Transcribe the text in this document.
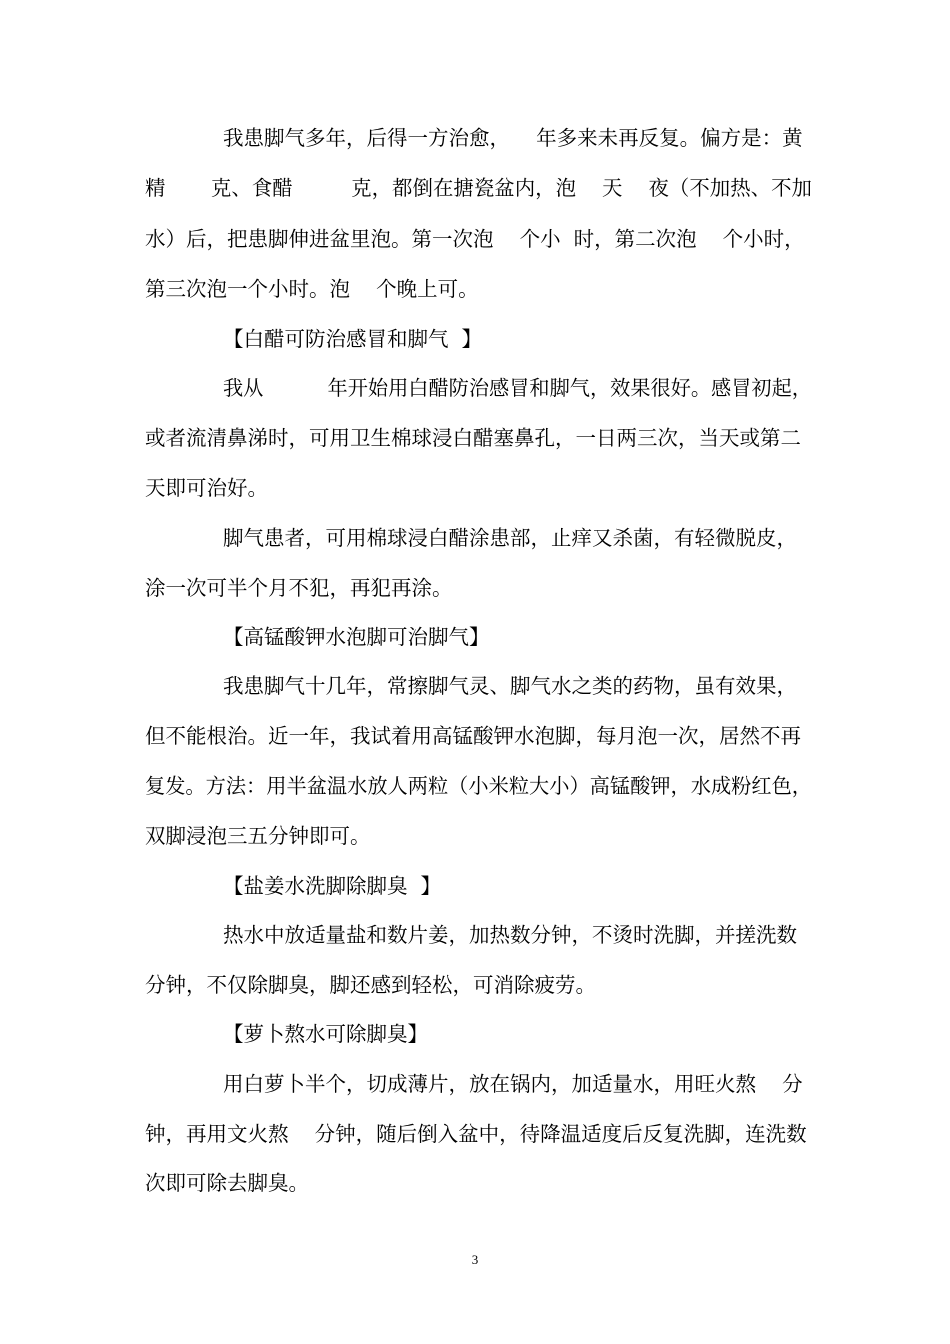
我患脚气多年，后得一方治愈，    年多来未再反复。偏方是：黄
精       克、食醋         克，都倒在搪瓷盆内，泡    天    夜（不加热、不加
水）后，把患脚伸进盆里泡。第一次泡    个小  时，第二次泡    个小时，
第三次泡一个小时。泡    个晚上可。
【白醋可防治感冒和脚气  】
我从          年开始用白醋防治感冒和脚气，效果很好。感冒初起，
或者流清鼻涕时，可用卫生棉球浸白醋塞鼻孔，一日两三次，当天或第二
天即可治好。
脚气患者，可用棉球浸白醋涂患部，止痒又杀菌，有轻微脱皮，
涂一次可半个月不犯，再犯再涂。
【高锰酸钾水泡脚可治脚气】
我患脚气十几年，常擦脚气灵、脚气水之类的药物，虽有效果，
但不能根治。近一年，我试着用高锰酸钾水泡脚，每月泡一次，居然不再
复发。方法：用半盆温水放人两粒（小米粒大小）高锰酸钾，水成粉红色，
双脚浸泡三五分钟即可。
【盐姜水洗脚除脚臭  】
热水中放适量盐和数片姜，加热数分钟，不烫时洗脚，并搓洗数
分钟，不仅除脚臭，脚还感到轻松，可消除疲劳。
【萝卜熬水可除脚臭】
用白萝卜半个，切成薄片，放在锅内，加适量水，用旺火熬    分
钟，再用文火熬    分钟，随后倒入盆中，待降温适度后反复洗脚，连洗数
次即可除去脚臭。
3
